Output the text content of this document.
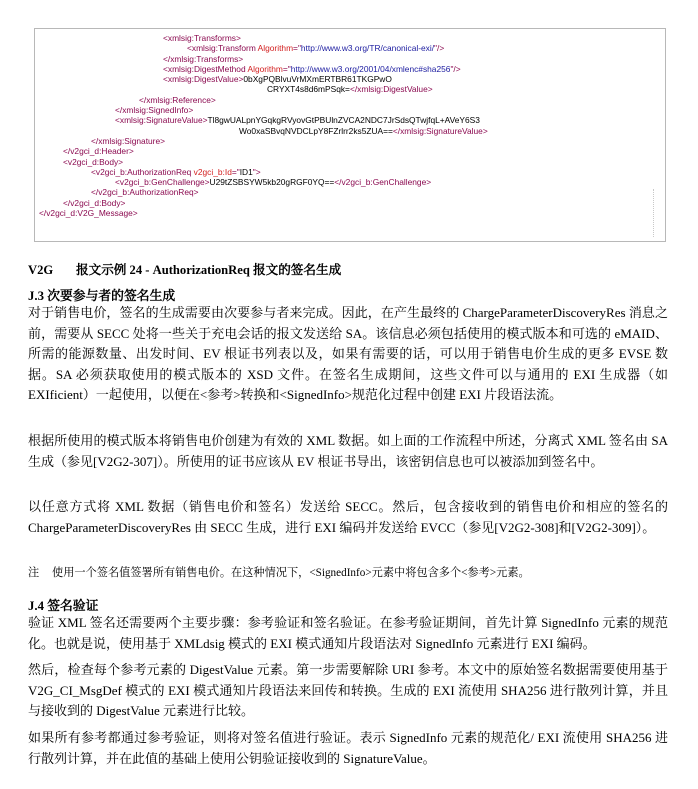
<xmlsig:Transforms>
<xmlsig:Transform Algorithm="http://www.w3.org/TR/canonical-exi/"/>
</xmlsig:Transforms>
<xmlsig:DigestMethod Algorithm="http://www.w3.org/2001/04/xmlenc#sha256"/>
<xmlsig:DigestValue>0bXgPQBlvuVrMXmERTBR61TKGPwO
CRYXT4s8d6mPSqk=</xmlsig:DigestValue>
</xmlsig:Reference>
</xmlsig:SignedInfo>
<xmlsig:SignatureValue>Tl8gwUALpnYGqkgRVyovGtPBUlnZVCA2NDC7JrSdsQTwjfqL+AVeY6S3
Wo0xaSBvqNVDCLpY8FZrlrr2ks5ZUA==</xmlsig:SignatureValue>
</xmlsig:Signature>
</v2gci_d:Header>
<v2gci_d:Body>
<v2gci_b:AuthorizationReq v2gci_b:Id="ID1">
<v2gci_b:GenChallenge>U29tZSBSYW5kb20gRGF0YQ==</v2gci_b:GenChallenge>
</v2gci_b:AuthorizationReq>
</v2gci_d:Body>
</v2gci_d:V2G_Message>
V2G 报文示例 24 - AuthorizationReq 报文的签名生成
J.3 次要参与者的签名生成

对于销售电价，签名的生成需要由次要参与者来完成。因此，在产生最终的 ChargeParameterDiscoveryRes 消息之前，需要从 SECC 处将一些关于充电会话的报文发送给 SA。该信息必须包括使用的模式版本和可选的 eMAID、所需的能源数量、出发时间、EV 根证书列表以及，如果有需要的话，可以用于销售电价生成的更多 EVSE 数据。SA 必须获取使用的模式版本的 XSD 文件。在签名生成期间，这些文件可以与通用的 EXI 生成器（如 EXIficient）一起使用，以便在<参考>转换和<SignedInfo>规范化过程中创建 EXI 片段语法流。

根据所使用的模式版本将销售电价创建为有效的 XML 数据。如上面的工作流程中所述，分离式 XML 签名由 SA 生成（参见[V2G2-307]）。所使用的证书应该从 EV 根证书导出，该密钥信息也可以被添加到签名中。

以任意方式将 XML 数据（销售电价和签名）发送给 SECC。然后，包含接收到的销售电价和相应的签名的 ChargeParameterDiscoveryRes 由 SECC 生成，进行 EXI 编码并发送给 EVCC（参见[V2G2-308]和[V2G2-309]）。

注 使用一个签名值签署所有销售电价。在这种情况下，<SignedInfo>元素中将包含多个<参考>元素。

J.4 签名验证

验证 XML 签名还需要两个主要步骤：参考验证和签名验证。在参考验证期间，首先计算 SignedInfo 元素的规范化。也就是说，使用基于 XMLdsig 模式的 EXI 模式通知片段语法对 SignedInfo 元素进行 EXI 编码。

然后，检查每个参考元素的 DigestValue 元素。第一步需要解除 URI 参考。本文中的原始签名数据需要使用基于 V2G_CI_MsgDef 模式的 EXI 模式通知片段语法来回传和转换。生成的 EXI 流使用 SHA256 进行散列计算，并且与接收到的 DigestValue 元素进行比较。

如果所有参考都通过参考验证，则将对签名值进行验证。表示 SignedInfo 元素的规范化/ EXI 流使用 SHA256 进行散列计算，并在此值的基础上使用公钥验证接收到的 SignatureValue。
